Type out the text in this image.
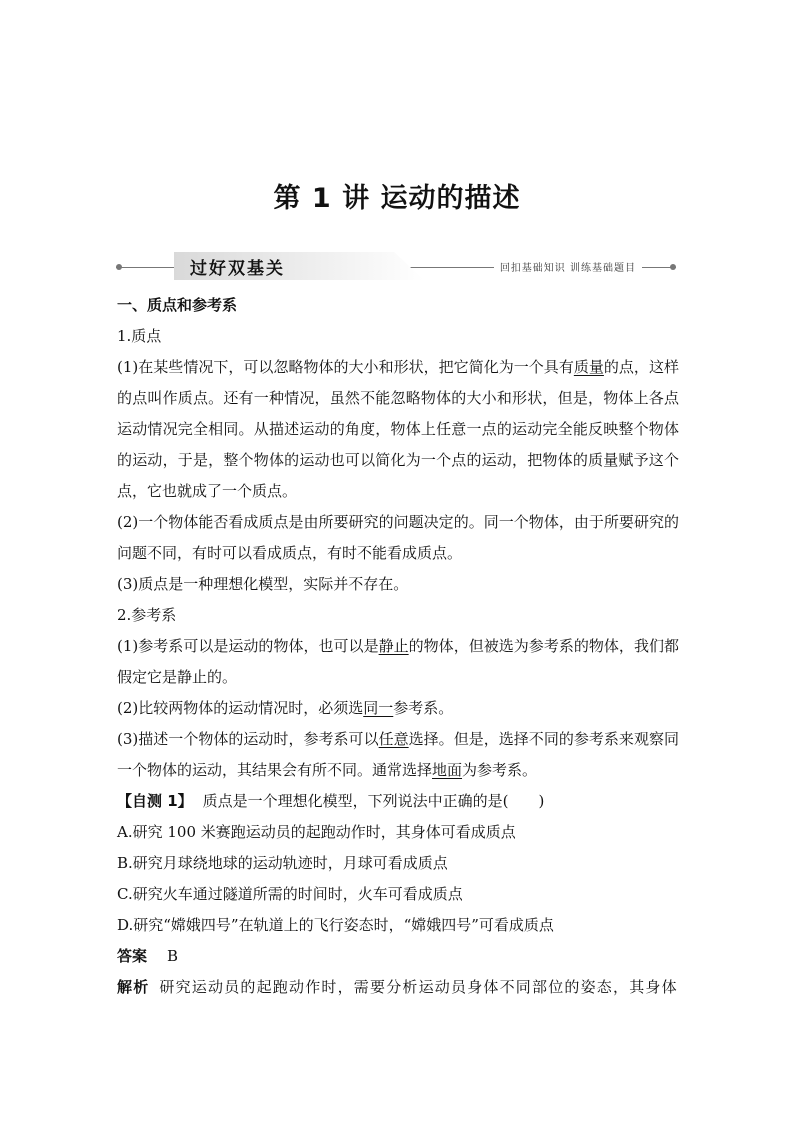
第 1 讲 运动的描述
过好双基关	回扣基础知识 训练基础题目

一、质点和参考系

1.质点

(1)在某些情况下，可以忽略物体的大小和形状，把它简化为一个具有质量的点，这样的点叫作质点。还有一种情况，虽然不能忽略物体的大小和形状，但是，物体上各点运动情况完全相同。从描述运动的角度，物体上任意一点的运动完全能反映整个物体的运动，于是，整个物体的运动也可以简化为一个点的运动，把物体的质量赋予这个点，它也就成了一个质点。

(2)一个物体能否看成质点是由所要研究的问题决定的。同一个物体，由于所要研究的问题不同，有时可以看成质点，有时不能看成质点。

(3)质点是一种理想化模型，实际并不存在。

2.参考系

(1)参考系可以是运动的物体，也可以是静止的物体，但被选为参考系的物体，我们都假定它是静止的。

(2)比较两物体的运动情况时，必须选同一参考系。

(3)描述一个物体的运动时，参考系可以任意选择。但是，选择不同的参考系来观察同一个物体的运动，其结果会有所不同。通常选择地面为参考系。

【自测 1】 质点是一个理想化模型，下列说法中正确的是(　　)

A.研究 100 米赛跑运动员的起跑动作时，其身体可看成质点

B.研究月球绕地球的运动轨迹时，月球可看成质点

C.研究火车通过隧道所需的时间时，火车可看成质点

D.研究“嫦娥四号”在轨道上的飞行姿态时，“嫦娥四号”可看成质点

答案 B

解析 研究运动员的起跑动作时，需要分析运动员身体不同部位的姿态，其身体
